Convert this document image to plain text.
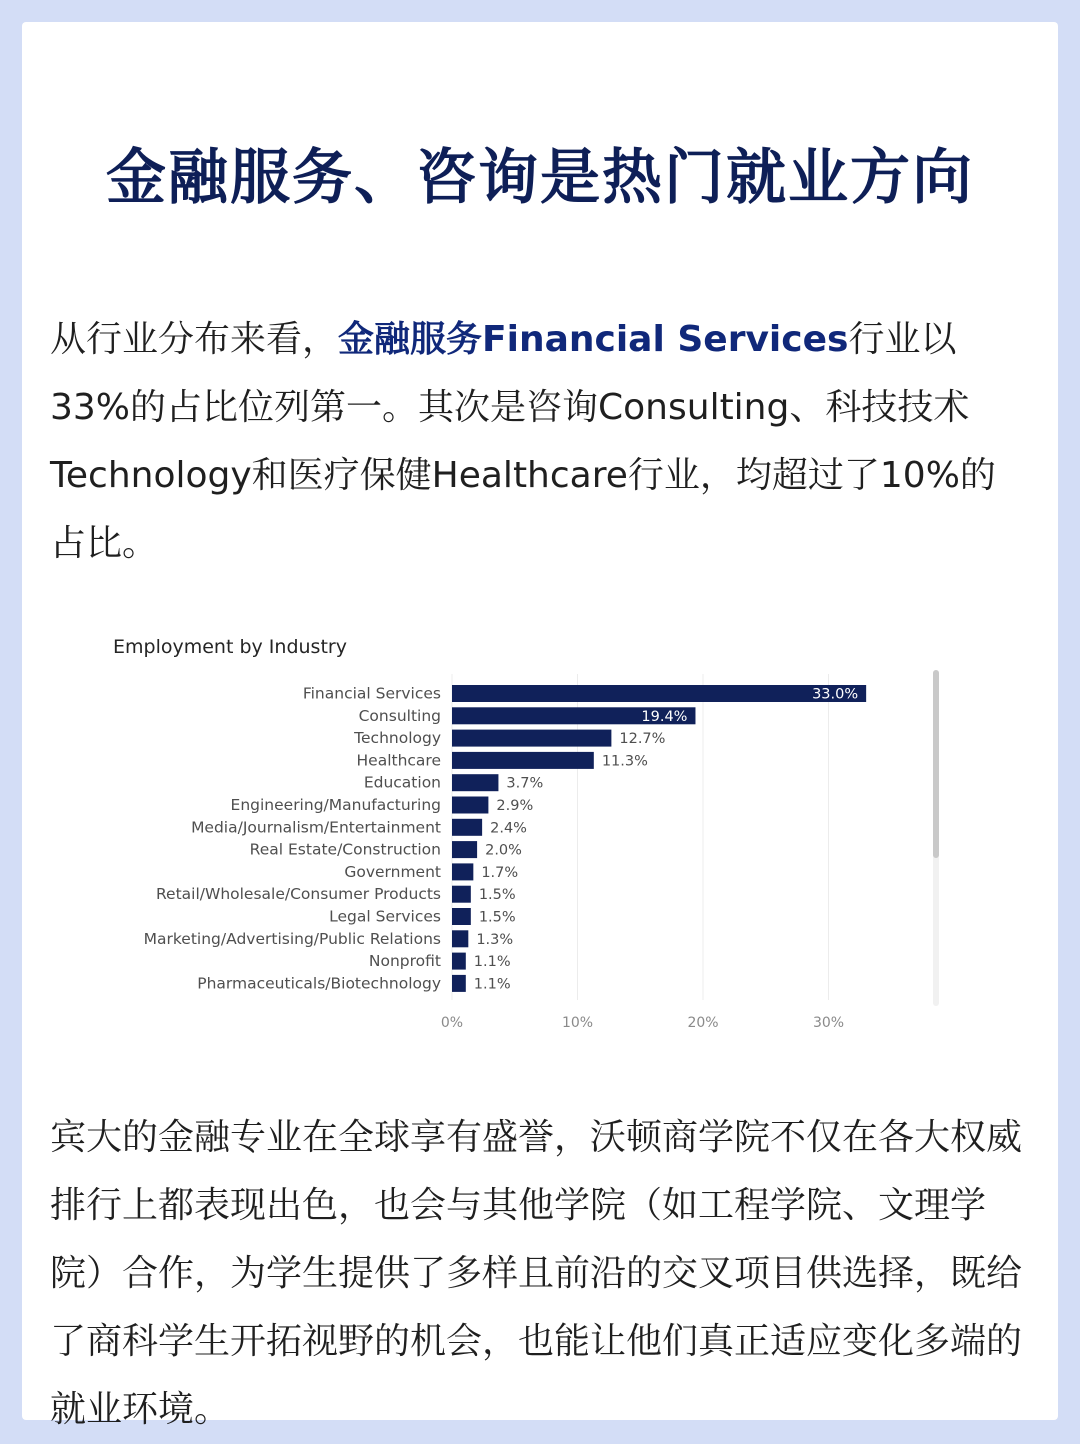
金融服务、咨询是热门就业方向

从行业分布来看，金融服务Financial Services行业以33%的占比位列第一。其次是咨询Consulting、科技技术Technology和医疗保健Healthcare行业，均超过了10%的占比。

Employment by Industry
0%	10%	20%	30%
Financial Services	33.0%
Consulting	19.4%
Technology	12.7%
Healthcare	11.3%
Education	3.7%
Engineering/Manufacturing	2.9%
Media/Journalism/Entertainment	2.4%
Real Estate/Construction	2.0%
Government	1.7%
Retail/Wholesale/Consumer Products	1.5%
Legal Services	1.5%
Marketing/Advertising/Public Relations 1.3%
Nonprofit 1.1%
Pharmaceuticals/Biotechnology 1.1%

宾大的金融专业在全球享有盛誉，沃顿商学院不仅在各大权威排行上都表现出色，也会与其他学院（如工程学院、文理学院）合作，为学生提供了多样且前沿的交叉项目供选择，既给了商科学生开拓视野的机会，也能让他们真正适应变化多端的就业环境。
